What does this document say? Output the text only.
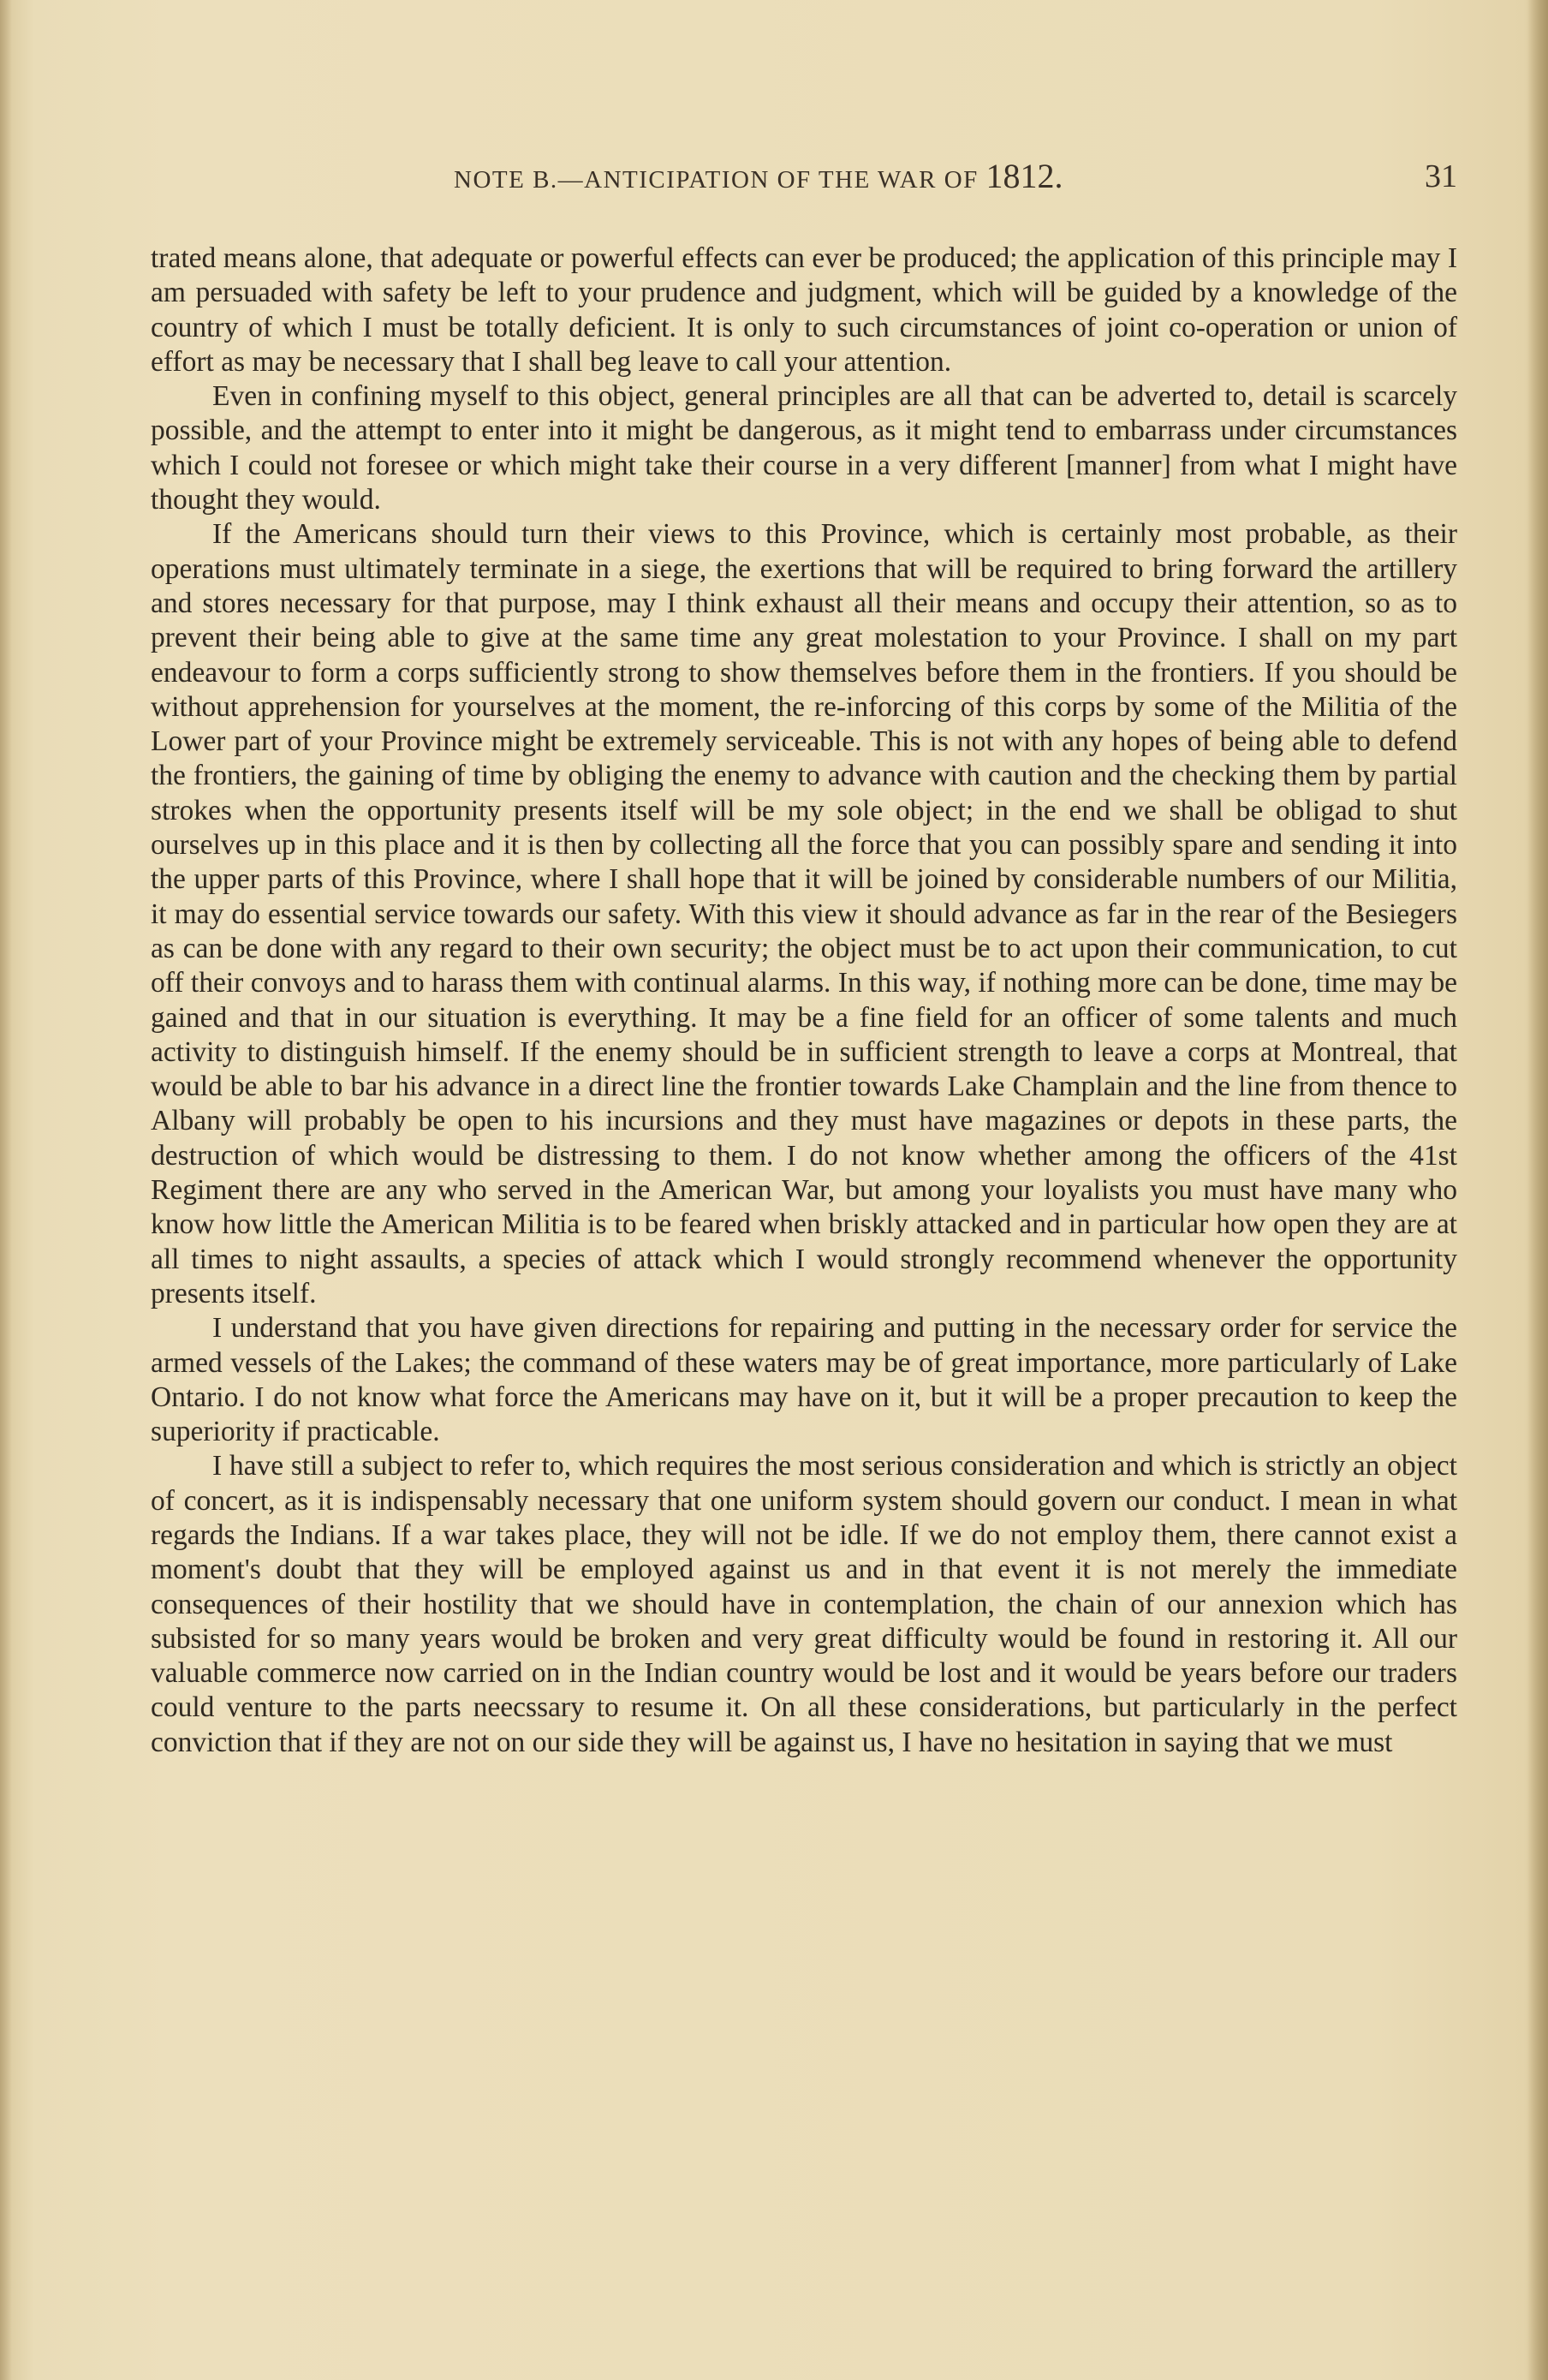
NOTE B.—ANTICIPATION OF THE WAR OF 1812.	31

trated means alone, that adequate or powerful effects can ever be produced; the application of this principle may I am persuaded with safety be left to your prudence and judgment, which will be guided by a knowledge of the country of which I must be totally deficient. It is only to such circumstances of joint co-operation or union of effort as may be necessary that I shall beg leave to call your attention.

Even in confining myself to this object, general principles are all that can be adverted to, detail is scarcely possible, and the attempt to enter into it might be dangerous, as it might tend to embarrass under circumstances which I could not foresee or which might take their course in a very different [manner] from what I might have thought they would.

If the Americans should turn their views to this Province, which is certainly most probable, as their operations must ultimately terminate in a siege, the exertions that will be required to bring forward the artillery and stores necessary for that purpose, may I think exhaust all their means and occupy their attention, so as to prevent their being able to give at the same time any great molestation to your Province. I shall on my part endeavour to form a corps sufficiently strong to show themselves before them in the frontiers. If you should be without apprehension for yourselves at the moment, the re-inforcing of this corps by some of the Militia of the Lower part of your Province might be extremely serviceable. This is not with any hopes of being able to defend the frontiers, the gaining of time by obliging the enemy to advance with caution and the checking them by partial strokes when the opportunity presents itself will be my sole object; in the end we shall be obligad to shut ourselves up in this place and it is then by collecting all the force that you can possibly spare and sending it into the upper parts of this Province, where I shall hope that it will be joined by considerable numbers of our Militia, it may do essential service towards our safety. With this view it should advance as far in the rear of the Besiegers as can be done with any regard to their own security; the object must be to act upon their communication, to cut off their convoys and to harass them with continual alarms. In this way, if nothing more can be done, time may be gained and that in our situation is everything. It may be a fine field for an officer of some talents and much activity to distinguish himself. If the enemy should be in sufficient strength to leave a corps at Montreal, that would be able to bar his advance in a direct line the frontier towards Lake Champlain and the line from thence to Albany will probably be open to his incursions and they must have magazines or depots in these parts, the destruction of which would be distressing to them. I do not know whether among the officers of the 41st Regiment there are any who served in the American War, but among your loyalists you must have many who know how little the American Militia is to be feared when briskly attacked and in particular how open they are at all times to night assaults, a species of attack which I would strongly recommend whenever the opportunity presents itself.

I understand that you have given directions for repairing and putting in the necessary order for service the armed vessels of the Lakes; the command of these waters may be of great importance, more particularly of Lake Ontario. I do not know what force the Americans may have on it, but it will be a proper precaution to keep the superiority if practicable.

I have still a subject to refer to, which requires the most serious consideration and which is strictly an object of concert, as it is indispensably necessary that one uniform system should govern our conduct. I mean in what regards the Indians. If a war takes place, they will not be idle. If we do not employ them, there cannot exist a moment's doubt that they will be employed against us and in that event it is not merely the immediate consequences of their hostility that we should have in contemplation, the chain of our annexion which has subsisted for so many years would be broken and very great difficulty would be found in restoring it. All our valuable commerce now carried on in the Indian country would be lost and it would be years before our traders could venture to the parts neecssary to resume it. On all these considerations, but particularly in the perfect conviction that if they are not on our side they will be against us, I have no hesitation in saying that we must
